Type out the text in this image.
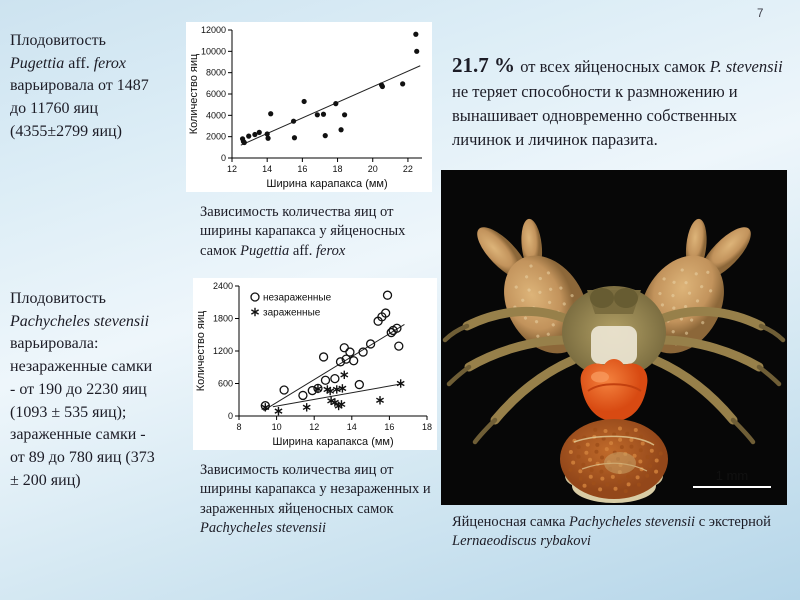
7
Плодовитость
Pugettia aff. ferox
варьировала от 1487
до 11760 яиц
(4355±2799 яиц)
0
2000
4000
6000
8000
10000
12000
12	14	16	18	20	22
Ширина карапакса (мм)
Количество яиц
Зависимость количества яиц от ширины карапакса у яйценосных самок Pugettia aff. ferox
21.7 % от всех яйценосных самок P. stevensii не теряет способности к размножению и вынашивает одновременно собственных личинок и личинок паразита.
Плодовитость
Pachycheles stevensii
варьировала:
незараженные самки
- от 190 до 2230 яиц
(1093 ± 535 яиц);
зараженные самки -
от 89 до 780 яиц (373
± 200 яиц)
0
600
1200
1800
2400
8	10	12	14	16	18
Ширина карапакса (мм)
Количество яиц
незараженные
зараженные
Зависимость количества яиц от ширины карапакса у незараженных и зараженных яйценосных самок Pachycheles stevensii
1 mm
Яйценосная самка Pachycheles stevensii с экстерной Lernaeodiscus rybakovi
